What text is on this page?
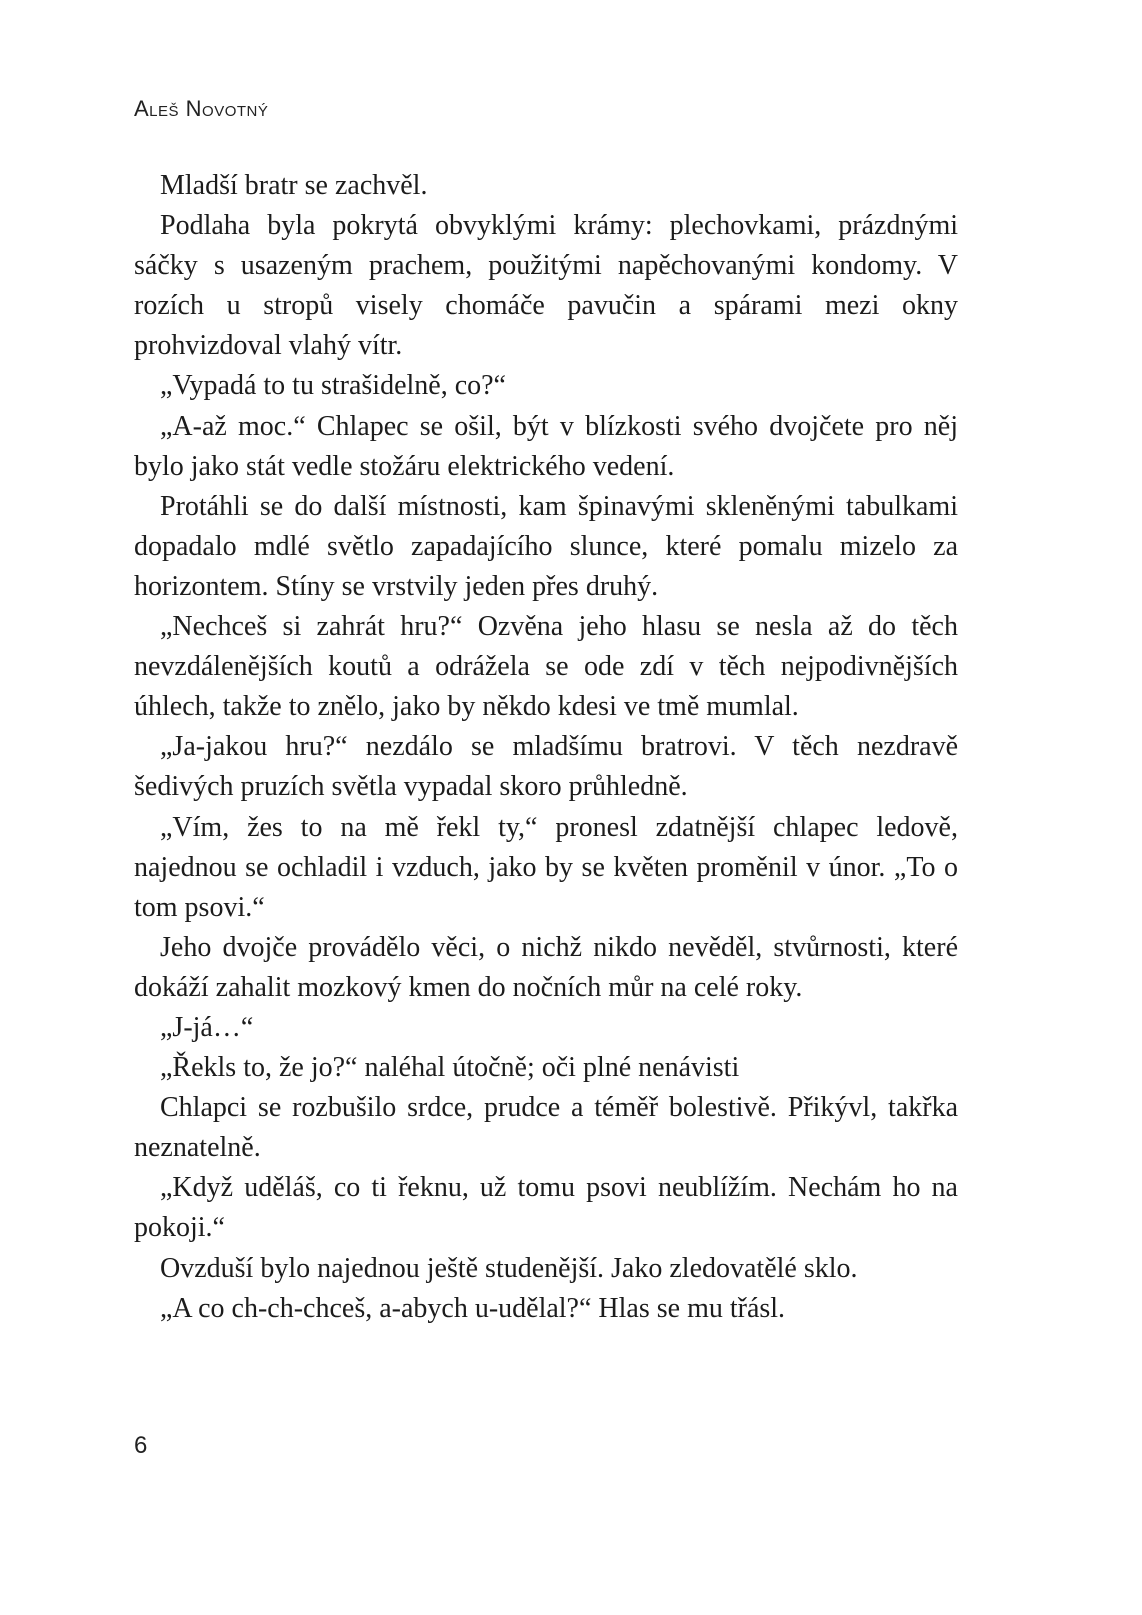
Aleš Novotný

Mladší bratr se zachvěl.

Podlaha byla pokrytá obvyklými krámy: plechovkami, prázdnými sáčky s usazeným prachem, použitými napěchovanými kondomy. V rozích u stropů visely chomáče pavučin a spárami mezi okny prohvizdoval vlahý vítr.

„Vypadá to tu strašidelně, co?“

„A-až moc.“ Chlapec se ošil, být v blízkosti svého dvojčete pro něj bylo jako stát vedle stožáru elektrického vedení.

Protáhli se do další místnosti, kam špinavými skleněnými tabulkami dopadalo mdlé světlo zapadajícího slunce, které pomalu mizelo za horizontem. Stíny se vrstvily jeden přes druhý.

„Nechceš si zahrát hru?“ Ozvěna jeho hlasu se nesla až do těch nevzdálenějších koutů a odrážela se ode zdí v těch nejpodivnějších úhlech, takže to znělo, jako by někdo kdesi ve tmě mumlal.

„Ja-jakou hru?“ nezdálo se mladšímu bratrovi. V těch nezdravě šedivých pruzích světla vypadal skoro průhledně.

„Vím, žes to na mě řekl ty,“ pronesl zdatnější chlapec ledově, najednou se ochladil i vzduch, jako by se květen proměnil v únor. „To o tom psovi.“

Jeho dvojče provádělo věci, o nichž nikdo nevěděl, stvůrnosti, které dokáží zahalit mozkový kmen do nočních můr na celé roky.

„J-já…“

„Řekls to, že jo?“ naléhal útočně; oči plné nenávisti

Chlapci se rozbušilo srdce, prudce a téměř bolestivě. Přikývl, takřka neznatelně.

„Když uděláš, co ti řeknu, už tomu psovi neublížím. Nechám ho na pokoji.“

Ovzduší bylo najednou ještě studenější. Jako zledovatělé sklo.

„A co ch-ch-chceš, a-abych u-udělal?“ Hlas se mu třásl.

6
